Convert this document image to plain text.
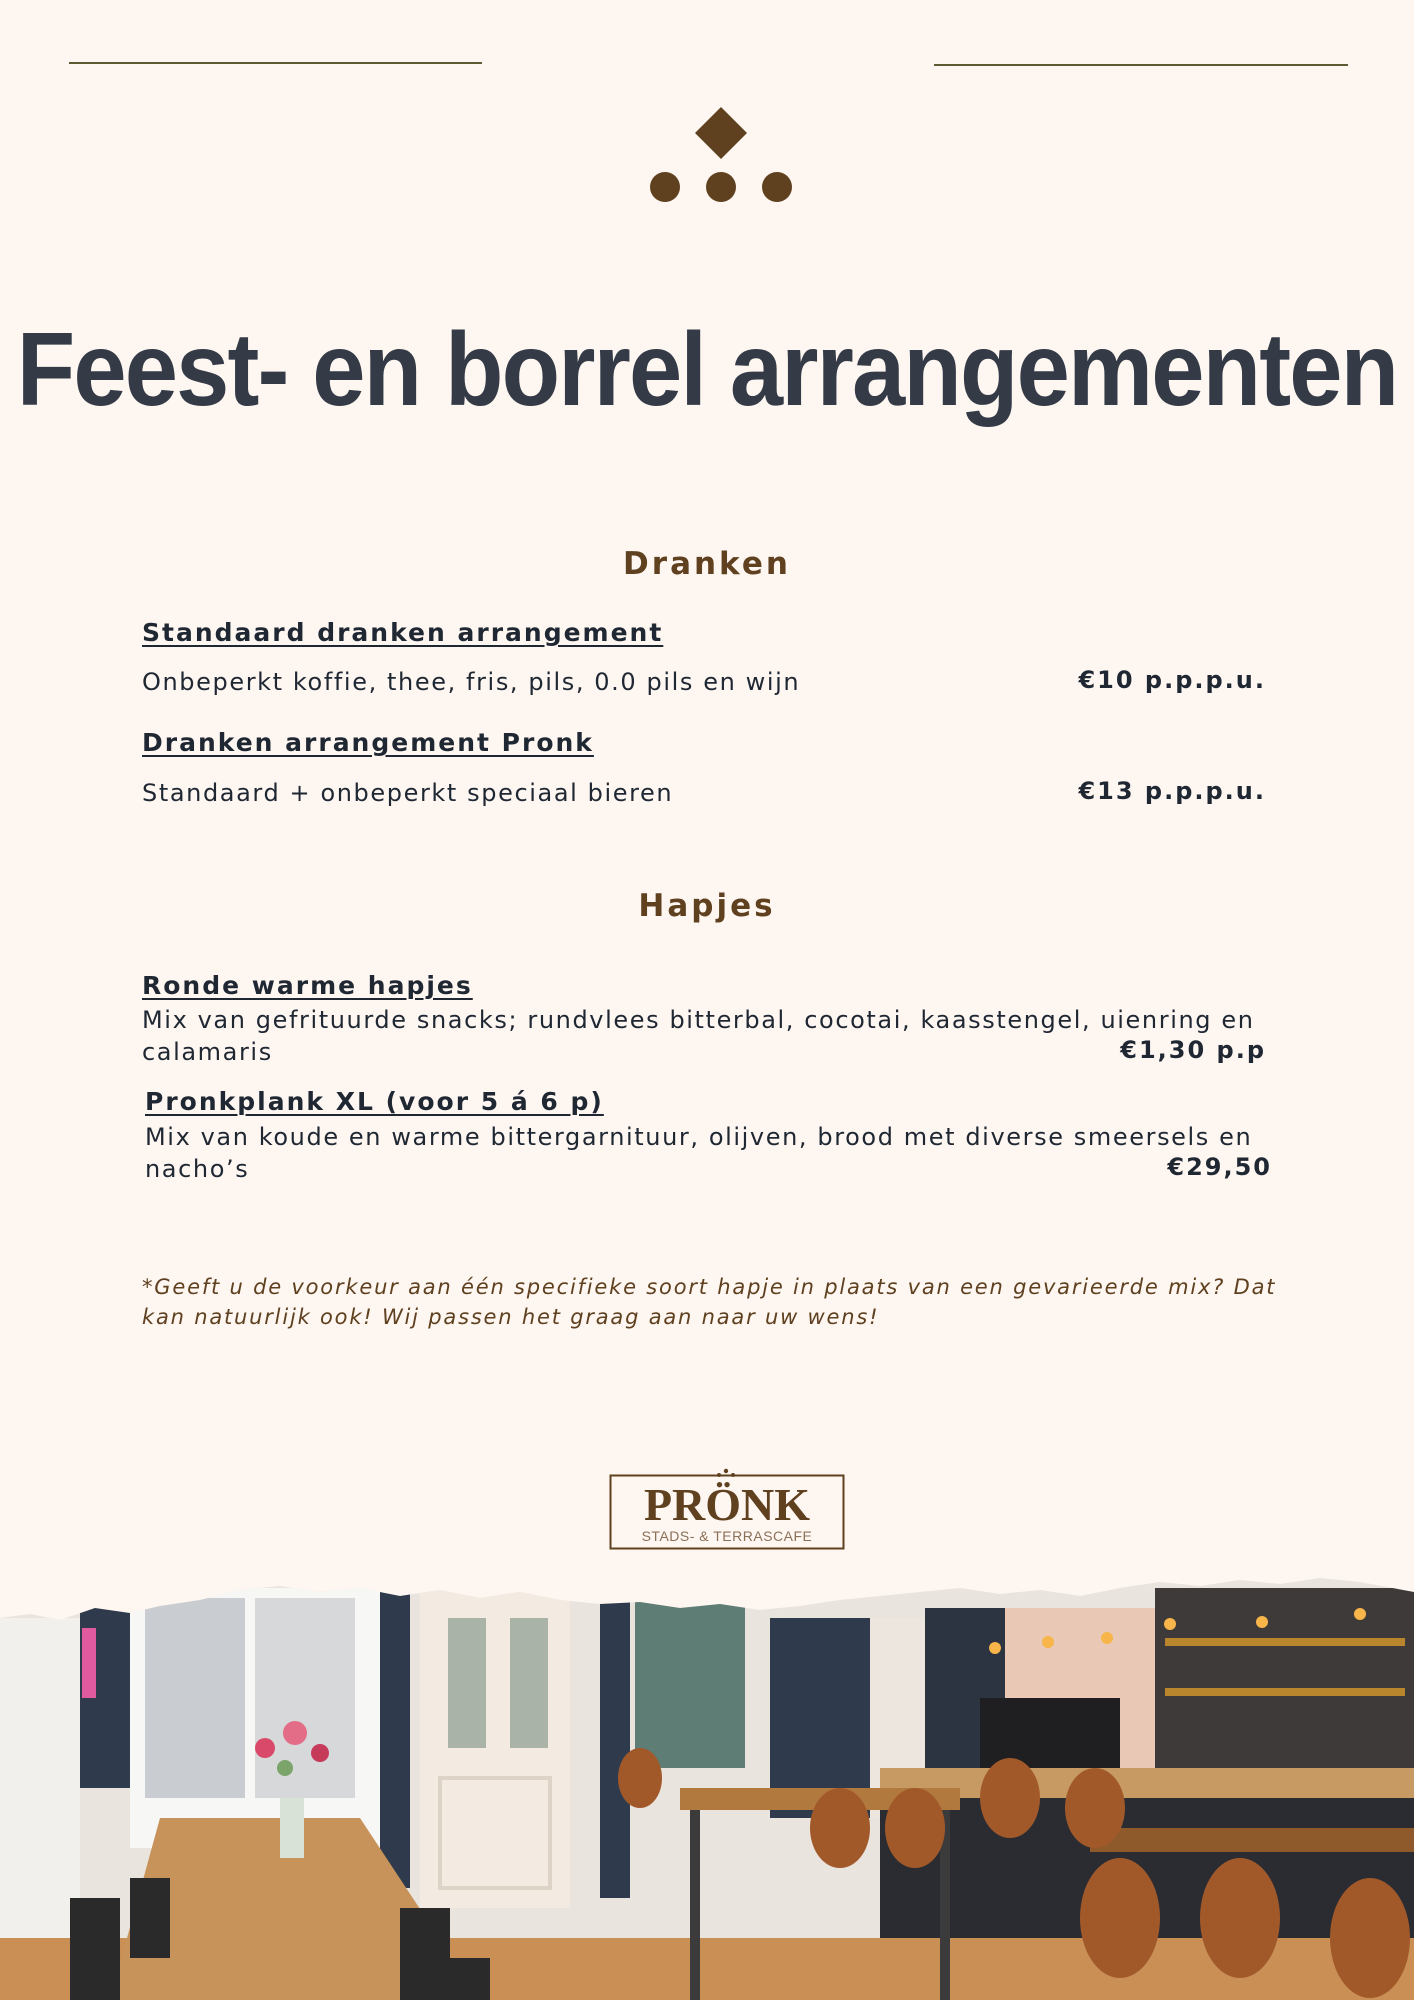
Feest- en borrel arrangementen
Dranken
Standaard dranken arrangement
Onbeperkt koffie, thee, fris, pils, 0.0 pils en wijn	€10 p.p.p.u.
Dranken arrangement Pronk
Standaard + onbeperkt speciaal bieren	€13 p.p.p.u.
Hapjes
Ronde warme hapjes
Mix van gefrituurde snacks; rundvlees bitterbal, cocotai, kaasstengel, uienring en
calamaris	€1,30 p.p
Pronkplank XL (voor 5 á 6 p)
Mix van koude en warme bittergarnituur, olijven, brood met diverse smeersels en
nacho’s	€29,50
*Geeft u de voorkeur aan één specifieke soort hapje in plaats van een gevarieerde mix? Dat kan natuurlijk ook! Wij passen het graag aan naar uw wens!
PRÖNK
STADS- & TERRASCAFE
